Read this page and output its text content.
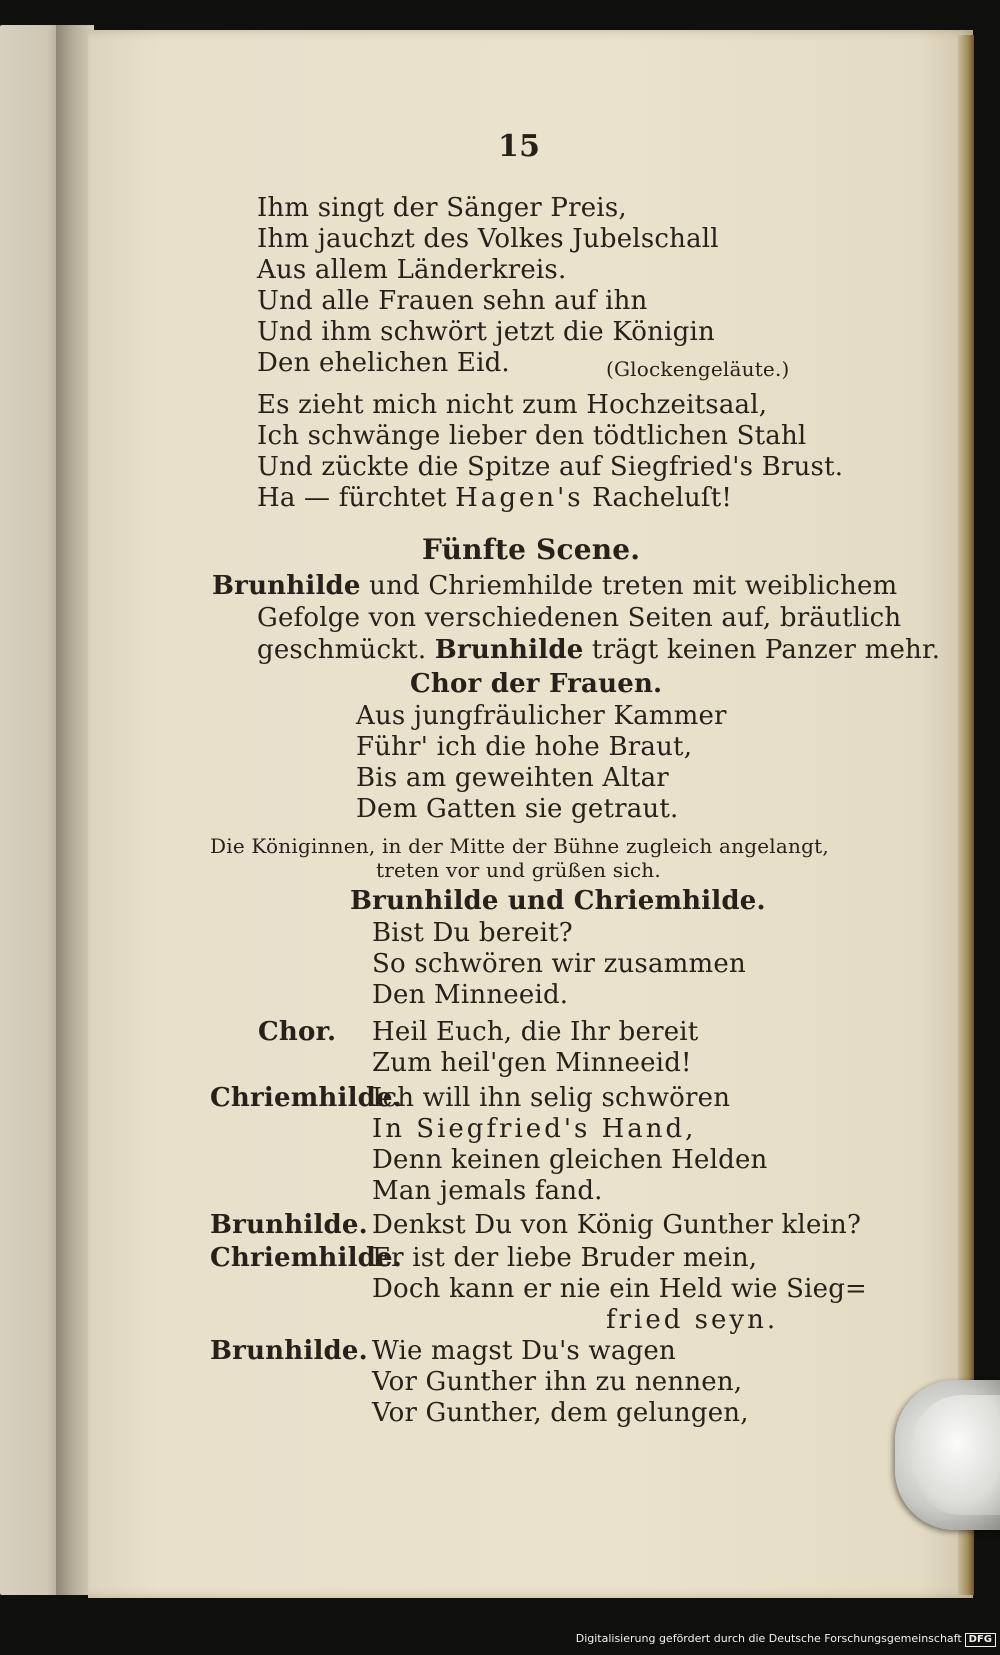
15
Ihm singt der Sänger Preis,
Ihm jauchzt des Volkes Jubelschall
Aus allem Länderkreis.
Und alle Frauen sehn auf ihn
Und ihm schwört jetzt die Königin
Den ehelichen Eid.	(Glockengeläute.)
Es zieht mich nicht zum Hochzeitsaal,
Ich schwänge lieber den tödtlichen Stahl
Und zückte die Spitze auf Siegfried's Brust.
Ha — fürchtet Hagen's Racheluſt!
Fünfte Scene.
Brunhilde und Chriemhilde treten mit weiblichem
Gefolge von verschiedenen Seiten auf, bräutlich
geschmückt. Brunhilde trägt keinen Panzer mehr.
Chor der Frauen.
Aus jungfräulicher Kammer
Führ' ich die hohe Braut,
Bis am geweihten Altar
Dem Gatten sie getraut.
Die Königinnen, in der Mitte der Bühne zugleich angelangt,
treten vor und grüßen sich.
Brunhilde und Chriemhilde.
Bist Du bereit?
So schwören wir zusammen
Den Minneeid.
Chor. Heil Euch, die Ihr bereit
Zum heil'gen Minneeid!
Chriemhilde.
Ich will ihn selig schwören
In Siegfried's Hand,
Denn keinen gleichen Helden
Man jemals fand.
Brunhilde. Denkst Du von König Gunther klein?
Chriemhilde.
Er ist der liebe Bruder mein,
Doch kann er nie ein Held wie Sieg=
fried seyn.
Brunhilde. Wie magst Du's wagen
Vor Gunther ihn zu nennen,
Vor Gunther, dem gelungen,
Digitalisierung gefördert durch die Deutsche Forschungsgemeinschaft DFG
